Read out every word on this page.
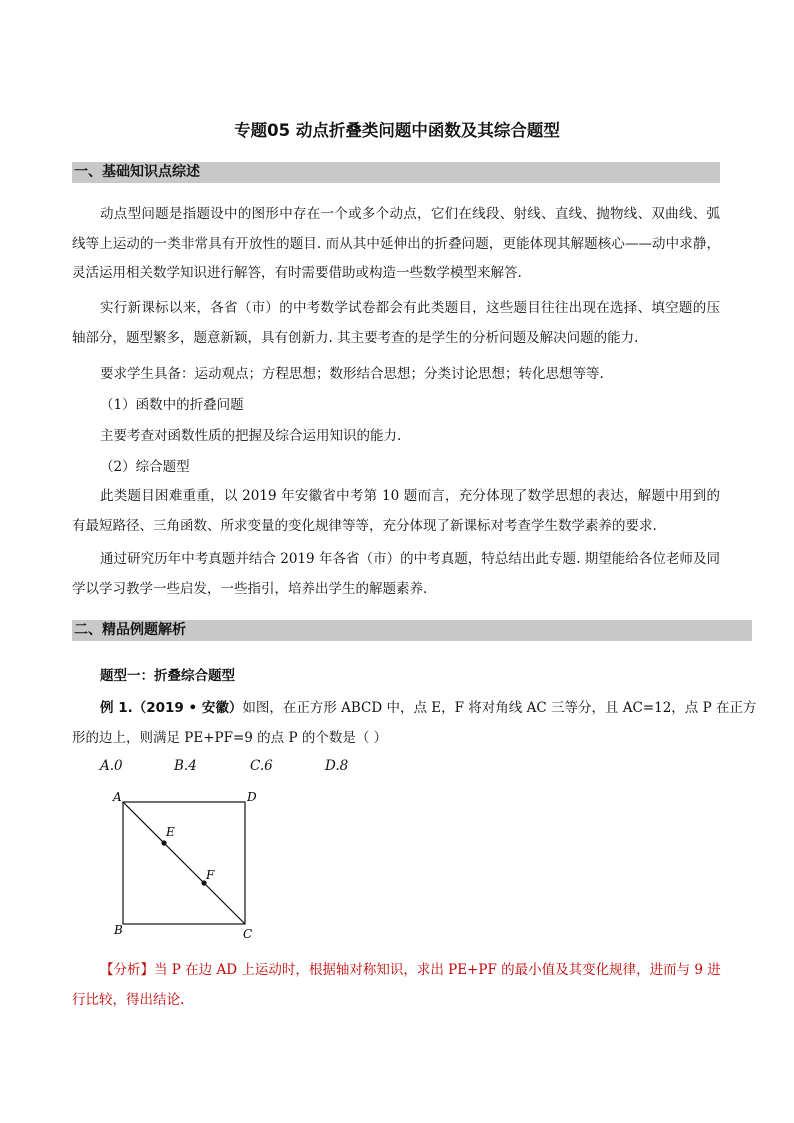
专题05 动点折叠类问题中函数及其综合题型
一、基础知识点综述
动点型问题是指题设中的图形中存在一个或多个动点，它们在线段、射线、直线、抛物线、双曲线、弧线等上运动的一类非常具有开放性的题目. 而从其中延伸出的折叠问题，更能体现其解题核心——动中求静，灵活运用相关数学知识进行解答，有时需要借助或构造一些数学模型来解答.
实行新课标以来，各省（市）的中考数学试卷都会有此类题目，这些题目往往出现在选择、填空题的压轴部分，题型繁多，题意新颖，具有创新力. 其主要考查的是学生的分析问题及解决问题的能力.
要求学生具备：运动观点；方程思想；数形结合思想；分类讨论思想；转化思想等等.
（1）函数中的折叠问题
主要考查对函数性质的把握及综合运用知识的能力.
（2）综合题型
此类题目困难重重，以 2019 年安徽省中考第 10 题而言，充分体现了数学思想的表达，解题中用到的有最短路径、三角函数、所求变量的变化规律等等，充分体现了新课标对考查学生数学素养的要求.
通过研究历年中考真题并结合 2019 年各省（市）的中考真题，特总结出此专题. 期望能给各位老师及同学以学习教学一些启发，一些指引，培养出学生的解题素养.
二、精品例题解析
题型一：折叠综合题型
例 1.（2019 • 安徽）如图，在正方形 ABCD 中，点 E，F 将对角线 AC 三等分，且 AC=12，点 P 在正方
形的边上，则满足 PE+PF=9 的点 P 的个数是（ ）
A.0	B.4	C.6	D.8
A	D
B	C
E
F
【分析】当 P 在边 AD 上运动时，根据轴对称知识，求出 PE+PF 的最小值及其变化规律，进而与 9 进
行比较，得出结论.
